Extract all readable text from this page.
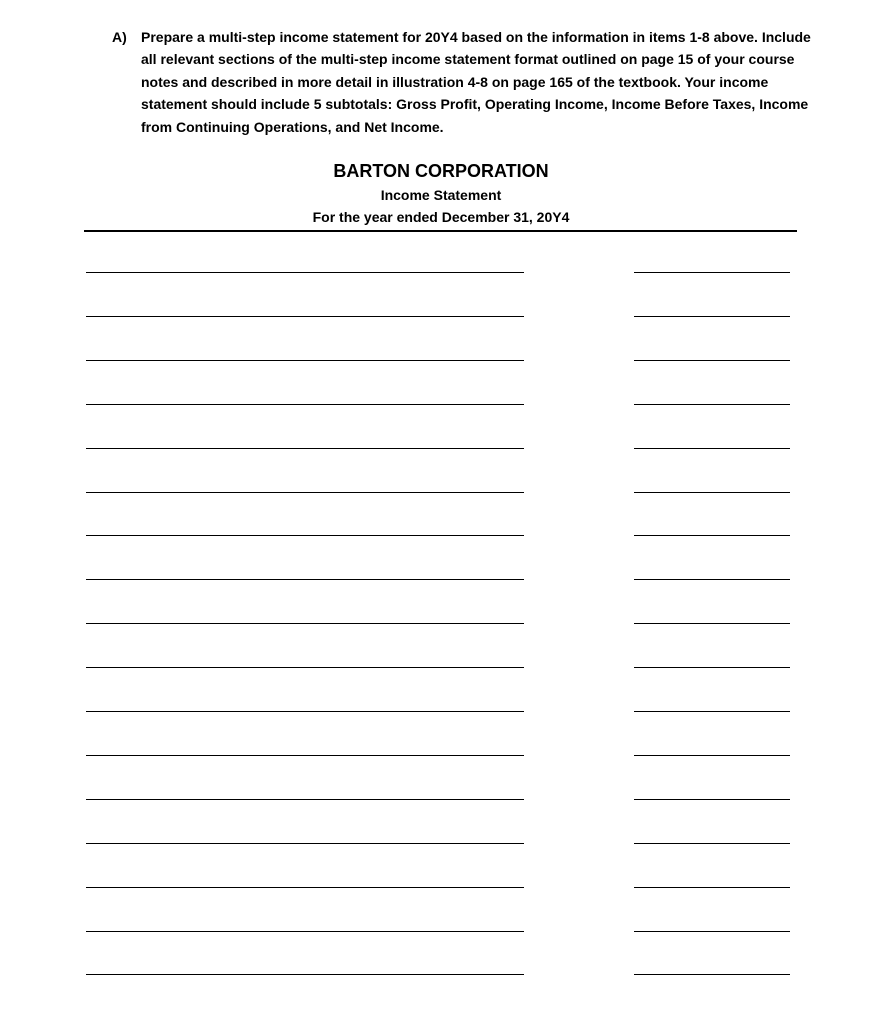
A) Prepare a multi-step income statement for 20Y4 based on the information in items 1-8 above. Include all relevant sections of the multi-step income statement format outlined on page 15 of your course notes and described in more detail in illustration 4-8 on page 165 of the textbook. Your income statement should include 5 subtotals: Gross Profit, Operating Income, Income Before Taxes, Income from Continuing Operations, and Net Income.
BARTON CORPORATION
Income Statement
For the year ended December 31, 20Y4
